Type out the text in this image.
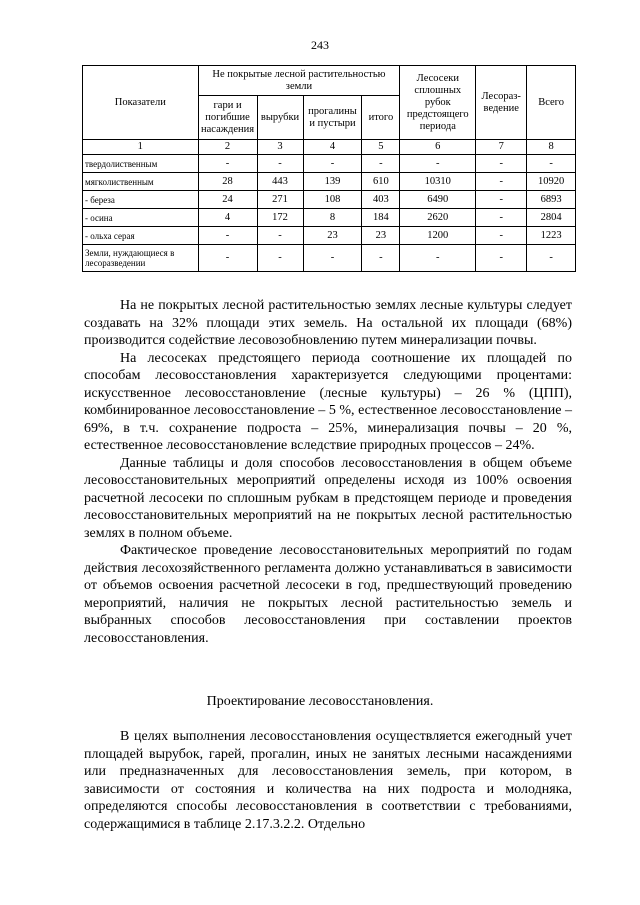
243
Показатели	Не покрытые лесной растительностью земли				Лесосеки сплошных рубок предстоящего периода	Лесораз-ведение	Всего
	гари и погибшие насаждения	вырубки	прогалины и пустыри	итого			
1	2	3	4	5	6	7	8
твердолиственным	-	-	-	-	-	-	-
мягколиственным	28	443	139	610	10310	-	10920
- береза	24	271	108	403	6490	-	6893
- осина	4	172	8	184	2620	-	2804
- ольха серая	-	-	23	23	1200	-	1223
Земли, нуждающиеся в лесоразведении	-	-	-	-	-	-	-

На не покрытых лесной растительностью землях лесные культуры следует создавать на 32% площади этих земель. На остальной их площади (68%) производится содействие лесовозобновлению путем минерализации почвы.

На лесосеках предстоящего периода соотношение их площадей по способам лесовосстановления характеризуется следующими процентами: искусственное лесовосстановление (лесные культуры) – 26 % (ЦПП), комбинированное лесовосстановление – 5 %, естественное лесовосстановление – 69%, в т.ч. сохранение подроста – 25%, минерализация почвы – 20 %, естественное лесовосстановление вследствие природных процессов – 24%.

Данные таблицы и доля способов лесовосстановления в общем объеме лесовосстановительных мероприятий определены исходя из 100% освоения расчетной лесосеки по сплошным рубкам в предстоящем периоде и проведения лесовосстановительных мероприятий на не покрытых лесной растительностью землях в полном объеме.

Фактическое проведение лесовосстановительных мероприятий по годам действия лесохозяйственного регламента должно устанавливаться в зависимости от объемов освоения расчетной лесосеки в год, предшествующий проведению мероприятий, наличия не покрытых лесной растительностью земель и выбранных способов лесовосстановления при составлении проектов лесовосстановления.

Проектирование лесовосстановления.

В целях выполнения лесовосстановления осуществляется ежегодный учет площадей вырубок, гарей, прогалин, иных не занятых лесными насаждениями или предназначенных для лесовосстановления земель, при котором, в зависимости от состояния и количества на них подроста и молодняка, определяются способы лесовосстановления в соответствии с требованиями, содержащимися в таблице 2.17.3.2.2. Отдельно
